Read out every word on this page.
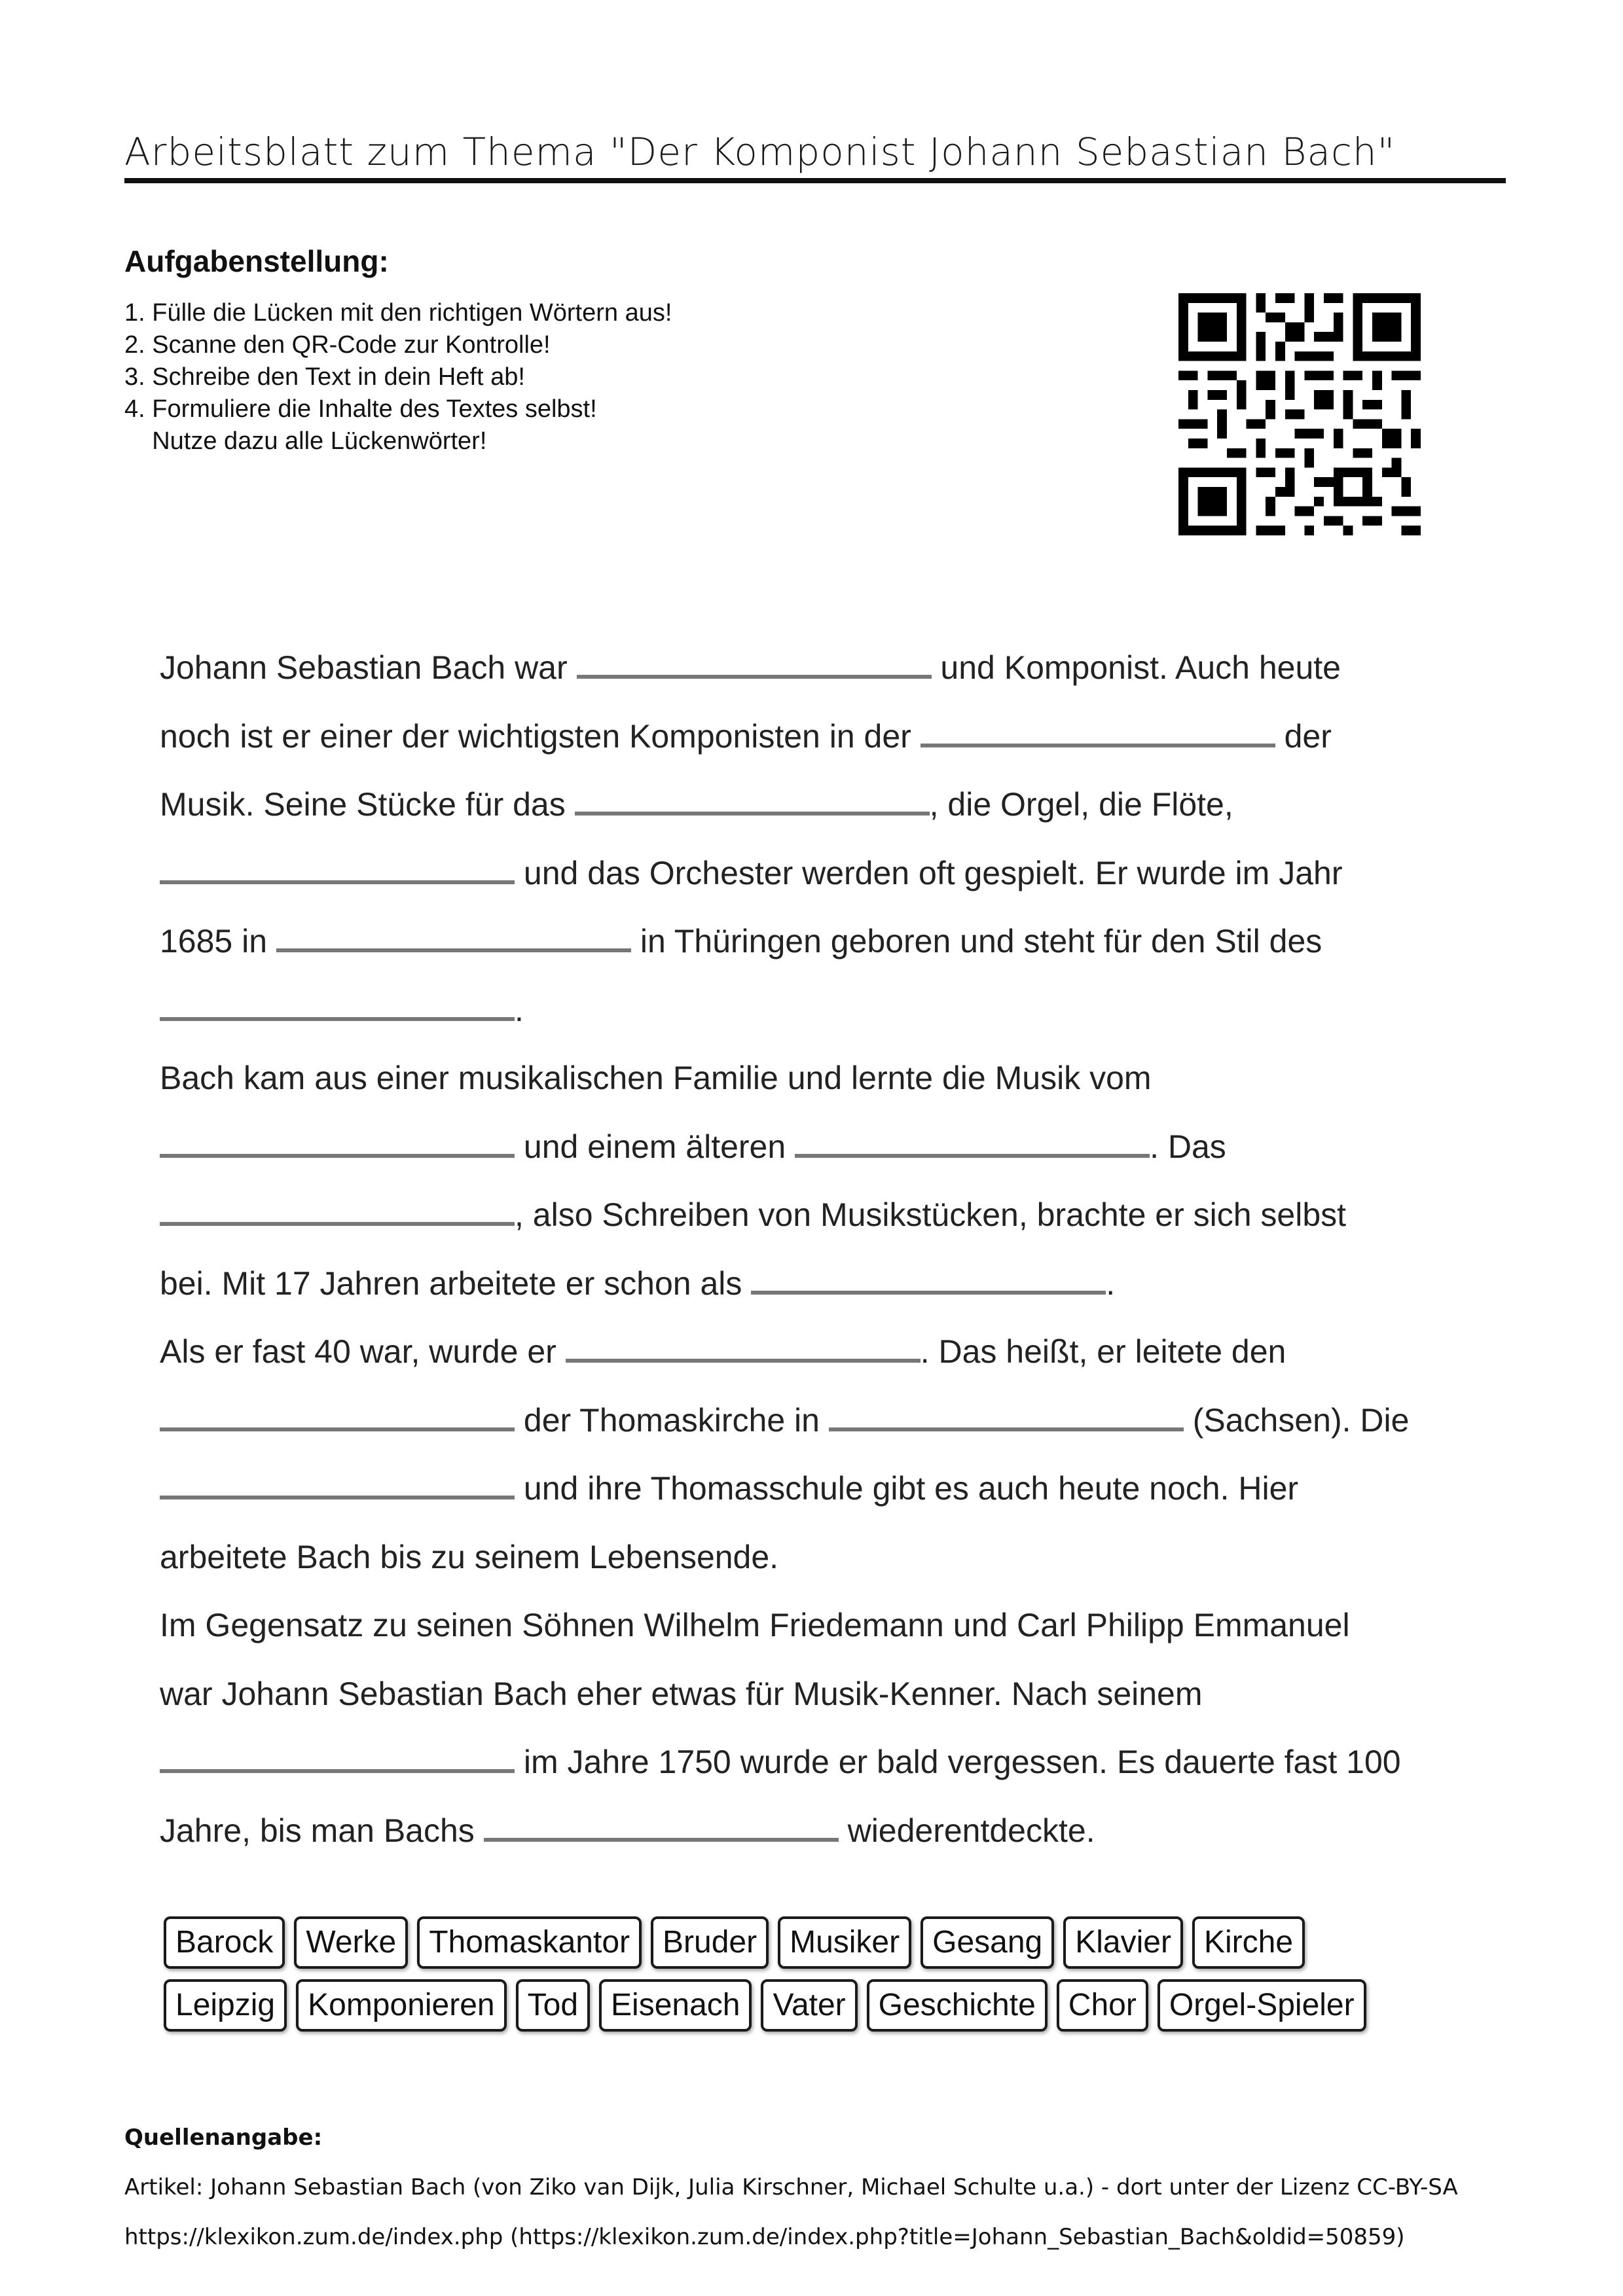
Arbeitsblatt zum Thema "Der Komponist Johann Sebastian Bach"
Aufgabenstellung:
1. Fülle die Lücken mit den richtigen Wörtern aus!
2. Scanne den QR-Code zur Kontrolle!
3. Schreibe den Text in dein Heft ab!
4. Formuliere die Inhalte des Textes selbst!
Nutze dazu alle Lückenwörter!
Johann Sebastian Bach war	und Komponist. Auch heute
noch ist er einer der wichtigsten Komponisten in der	der
Musik. Seine Stücke für das	, die Orgel, die Flöte,
und das Orchester werden oft gespielt. Er wurde im Jahr
1685 in	in Thüringen geboren und steht für den Stil des
.
Bach kam aus einer musikalischen Familie und lernte die Musik vom
und einem älteren	. Das
, also Schreiben von Musikstücken, brachte er sich selbst
bei. Mit 17 Jahren arbeitete er schon als	.
Als er fast 40 war, wurde er	. Das heißt, er leitete den
der Thomaskirche in	(Sachsen). Die
und ihre Thomasschule gibt es auch heute noch. Hier
arbeitete Bach bis zu seinem Lebensende.
Im Gegensatz zu seinen Söhnen Wilhelm Friedemann und Carl Philipp Emmanuel
war Johann Sebastian Bach eher etwas für Musik-Kenner. Nach seinem
im Jahre 1750 wurde er bald vergessen. Es dauerte fast 100
Jahre, bis man Bachs	wiederentdeckte.
Barock	Werke	Thomaskantor	Bruder	Musiker	Gesang	Klavier	Kirche
Leipzig	Komponieren	Tod	Eisenach	Vater	Geschichte	Chor	Orgel-Spieler
Quellenangabe:
Artikel: Johann Sebastian Bach (von Ziko van Dijk, Julia Kirschner, Michael Schulte u.a.) - dort unter der Lizenz CC-BY-SA
https://klexikon.zum.de/index.php (https://klexikon.zum.de/index.php?title=Johann_Sebastian_Bach&oldid=50859)
